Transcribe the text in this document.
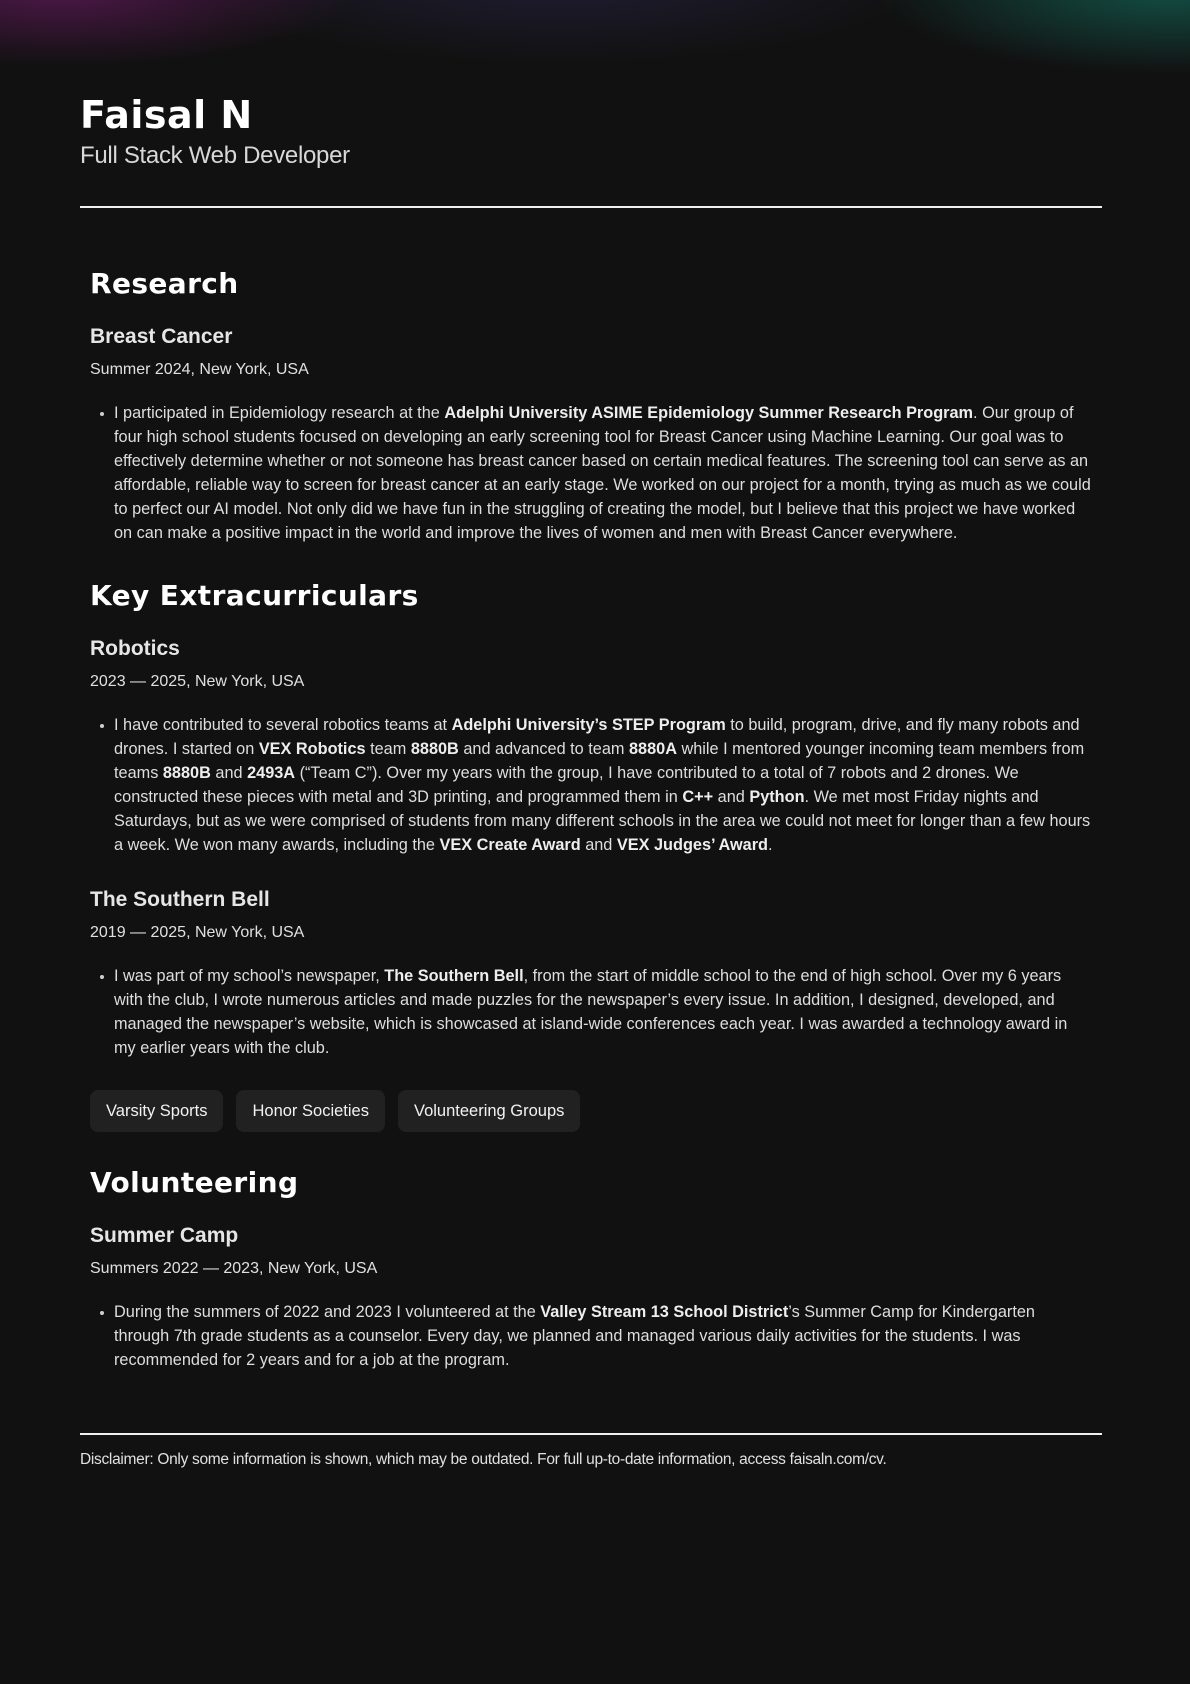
Faisal N

Full Stack Web Developer

Research
Breast Cancer

Summer 2024, New York, USA

I participated in Epidemiology research at the Adelphi University ASIME Epidemiology Summer Research Program. Our group of four high school students focused on developing an early screening tool for Breast Cancer using Machine Learning. Our goal was to effectively determine whether or not someone has breast cancer based on certain medical features. The screening tool can serve as an affordable, reliable way to screen for breast cancer at an early stage. We worked on our project for a month, trying as much as we could to perfect our AI model. Not only did we have fun in the struggling of creating the model, but I believe that this project we have worked on can make a positive impact in the world and improve the lives of women and men with Breast Cancer everywhere.
Key Extracurriculars
Robotics

2023 — 2025, New York, USA

I have contributed to several robotics teams at Adelphi University’s STEP Program to build, program, drive, and fly many robots and drones. I started on VEX Robotics team 8880B and advanced to team 8880A while I mentored younger incoming team members from teams 8880B and 2493A (“Team C”). Over my years with the group, I have contributed to a total of 7 robots and 2 drones. We constructed these pieces with metal and 3D printing, and programmed them in C++ and Python. We met most Friday nights and Saturdays, but as we were comprised of students from many different schools in the area we could not meet for longer than a few hours a week. We won many awards, including the VEX Create Award and VEX Judges’ Award.
The Southern Bell

2019 — 2025, New York, USA

I was part of my school’s newspaper, The Southern Bell, from the start of middle school to the end of high school. Over my 6 years with the club, I wrote numerous articles and made puzzles for the newspaper’s every issue. In addition, I designed, developed, and managed the newspaper’s website, which is showcased at island-wide conferences each year. I was awarded a technology award in my earlier years with the club.
Varsity Sports	Honor Societies	Volunteering Groups
Volunteering
Summer Camp

Summers 2022 — 2023, New York, USA

During the summers of 2022 and 2023 I volunteered at the Valley Stream 13 School District’s Summer Camp for Kindergarten through 7th grade students as a counselor. Every day, we planned and managed various daily activities for the students. I was recommended for 2 years and for a job at the program.

Disclaimer: Only some information is shown, which may be outdated. For full up-to-date information, access faisaln.com/cv.
